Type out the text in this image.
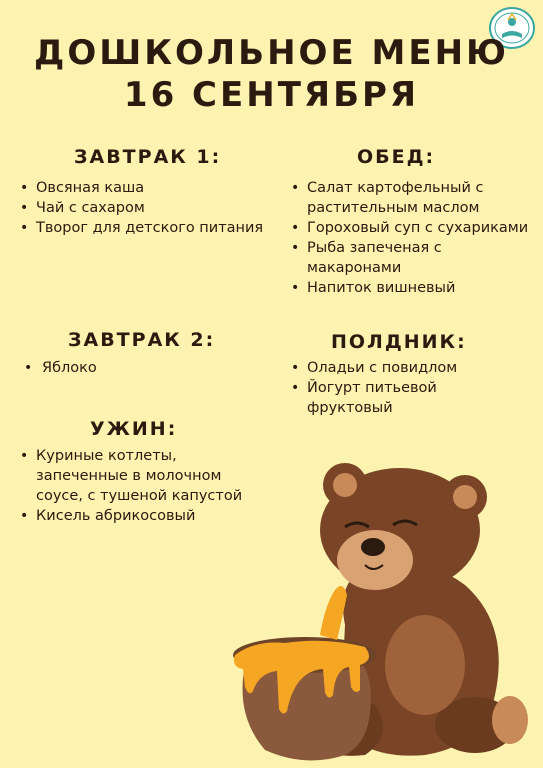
ДОШКОЛЬНОЕ МЕНЮ
16 СЕНТЯБРЯ
ЗАВТРАК 1:
• Овсяная каша
• Чай с сахаром
• Творог для детского питания
ОБЕД:
• Салат картофельный с растительным маслом
• Гороховый суп с сухариками
• Рыба запеченая с макаронами
• Напиток вишневый
ЗАВТРАК 2:
• Яблоко
ПОЛДНИК:
• Оладьи с повидлом
• Йогурт питьевой фруктовый
УЖИН:
• Куриные котлеты, запеченные в молочном соусе, с тушеной капустой
• Кисель абрикосовый
